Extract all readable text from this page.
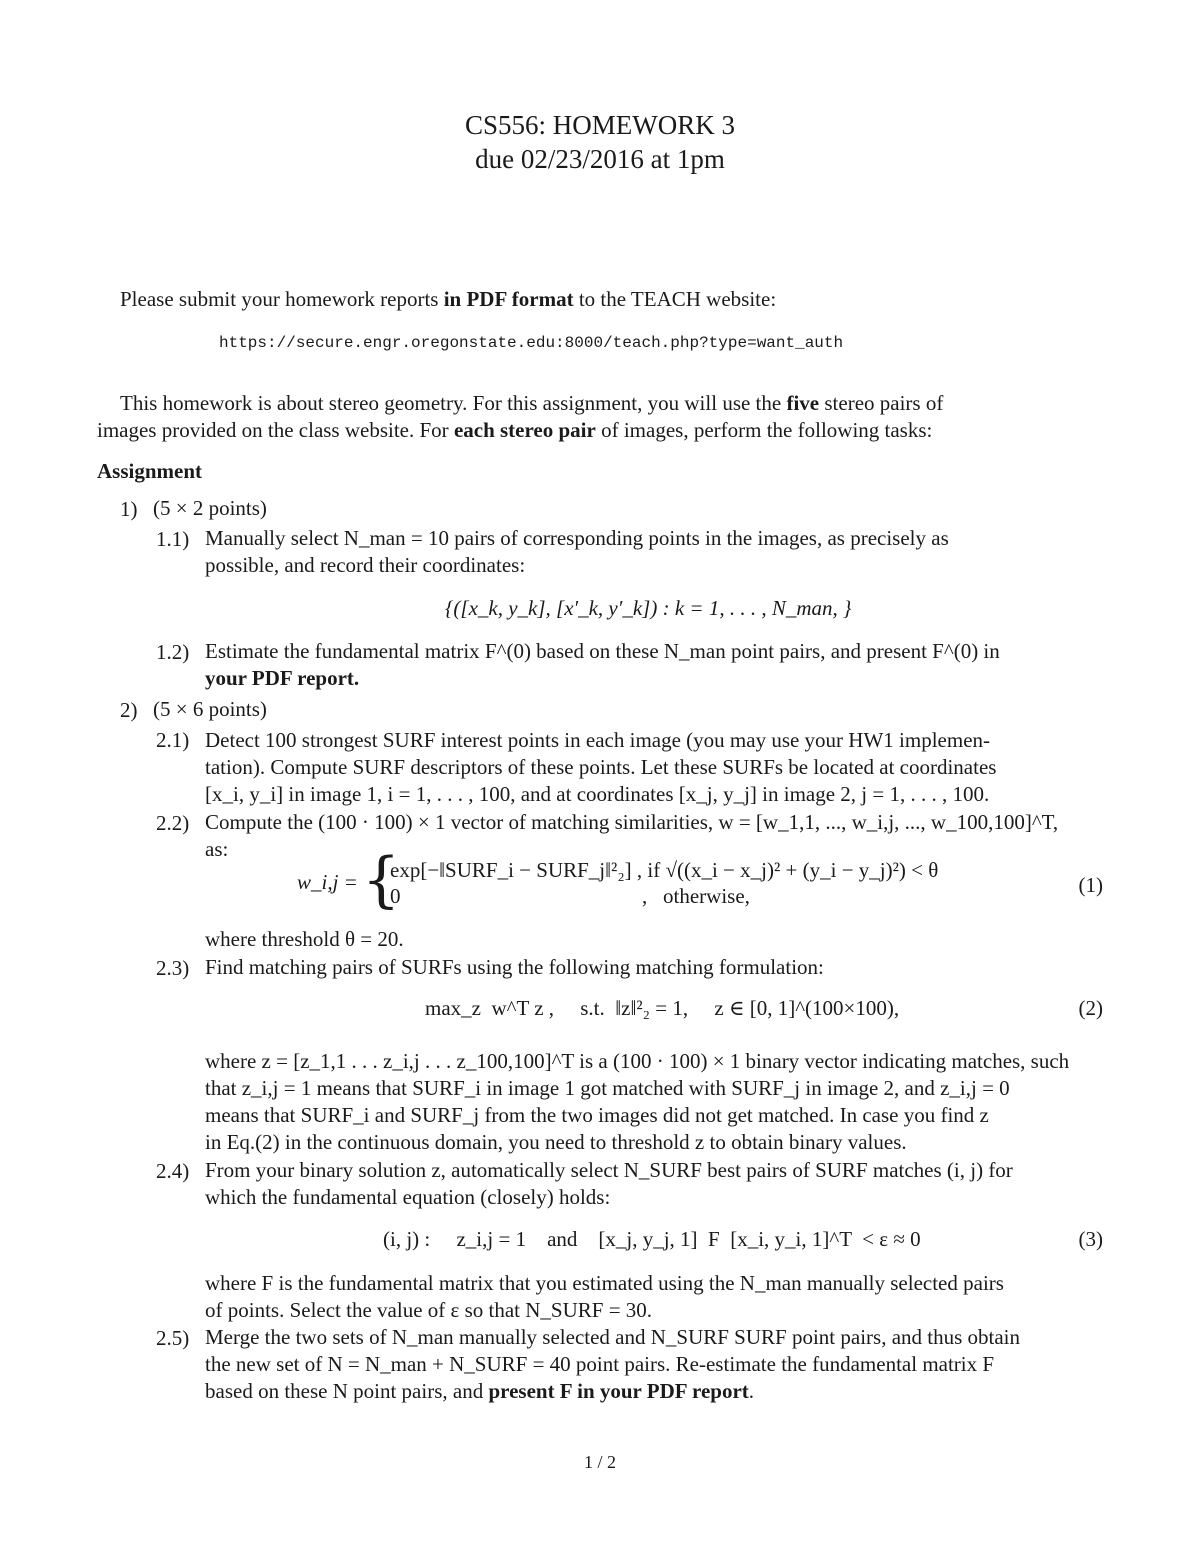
CS556: HOMEWORK 3
due 02/23/2016 at 1pm
Please submit your homework reports in PDF format to the TEACH website:
https://secure.engr.oregonstate.edu:8000/teach.php?type=want_auth
This homework is about stereo geometry. For this assignment, you will use the five stereo pairs of
images provided on the class website. For each stereo pair of images, perform the following tasks:
Assignment
1) (5 × 2 points)
1.1) Manually select N_man = 10 pairs of corresponding points in the images, as precisely as
possible, and record their coordinates:
{([x_k, y_k], [x′_k, y′_k]) : k = 1, . . . , N_man, }
1.2) Estimate the fundamental matrix F^(0) based on these N_man point pairs, and present F^(0) in
your PDF report.
2) (5 × 6 points)
2.1) Detect 100 strongest SURF interest points in each image (you may use your HW1 implemen-
tation). Compute SURF descriptors of these points. Let these SURFs be located at coordinates
[x_i, y_i] in image 1, i = 1, . . . , 100, and at coordinates [x_j, y_j] in image 2, j = 1, . . . , 100.
2.2) Compute the (100 · 100) × 1 vector of matching similarities, w = [w_1,1, ..., w_i,j, ..., w_100,100]^T,
as:
w_i,j = {
exp[−‖SURF_i − SURF_j‖²₂] , if √((x_i − x_j)² + (y_i − y_j)²) < θ
0                                              ,   otherwise,	(1)
where threshold θ = 20.
2.3) Find matching pairs of SURFs using the following matching formulation:
max_z  w^T z ,     s.t.  ‖z‖²₂ = 1,     z ∈ [0, 1]^(100×100),	(2)
where z = [z_1,1 . . . z_i,j . . . z_100,100]^T is a (100 · 100) × 1 binary vector indicating matches, such
that z_i,j = 1 means that SURF_i in image 1 got matched with SURF_j in image 2, and z_i,j = 0
means that SURF_i and SURF_j from the two images did not get matched. In case you find z
in Eq.(2) in the continuous domain, you need to threshold z to obtain binary values.
2.4) From your binary solution z, automatically select N_SURF best pairs of SURF matches (i, j) for
which the fundamental equation (closely) holds:
(i, j) :     z_i,j = 1    and    [x_j, y_j, 1]  F  [x_i, y_i, 1]^T  < ε ≈ 0	(3)
where F is the fundamental matrix that you estimated using the N_man manually selected pairs
of points. Select the value of ε so that N_SURF = 30.
2.5) Merge the two sets of N_man manually selected and N_SURF SURF point pairs, and thus obtain
the new set of N = N_man + N_SURF = 40 point pairs. Re-estimate the fundamental matrix F
based on these N point pairs, and present F in your PDF report.
1 / 2
